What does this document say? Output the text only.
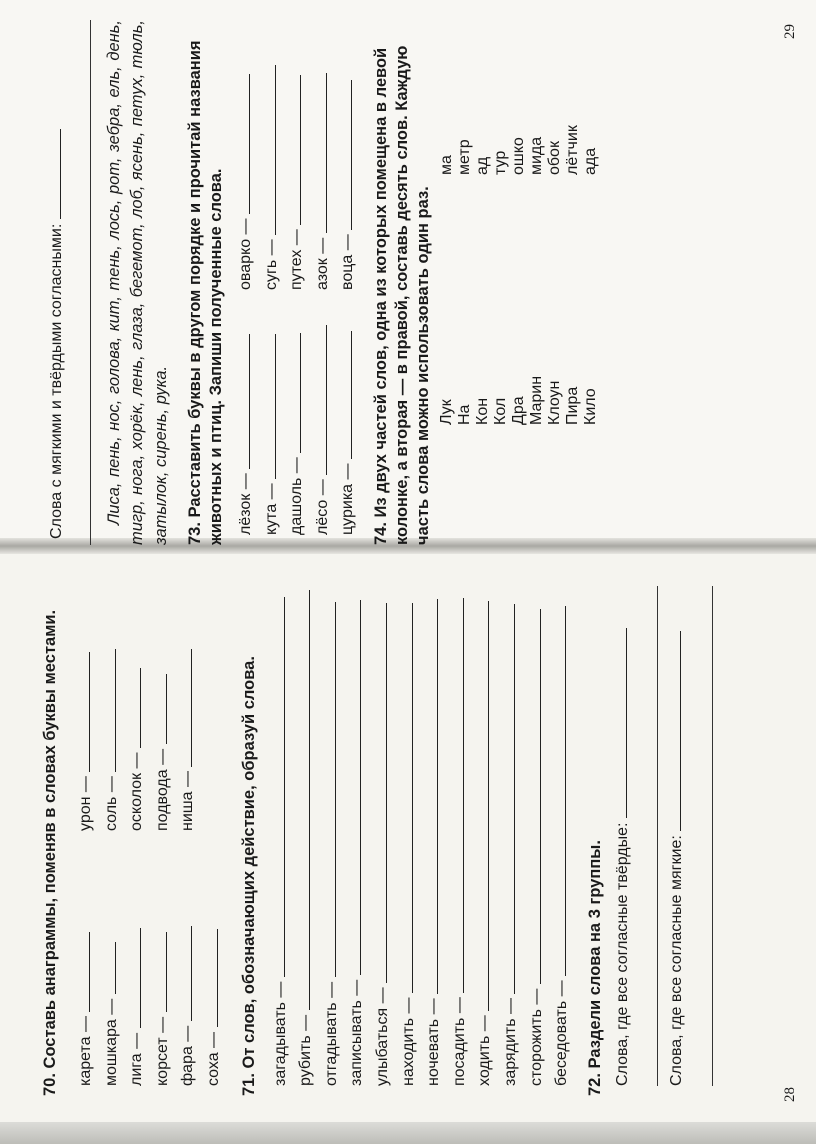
70. Составь анаграммы, поменяв в словах буквы местами. карета — мошкара — лига — корсет — фара — соха —
урон — соль — осколок — подвода — ниша —
71. От слов, обозначающих действие, образуй слова. загадывать — рубить — отгадывать — записывать — улыбаться — находить — ночевать — посадить — ходить — зарядить — сторожить — беседовать — 72. Раздели слова на 3 группы. Слова, где все согласные твёрдые: Слова, где все согласные мягкие:
28
Слова с мягкими и твёрдыми согласными: Лиса, пень, нос, голова, кит, тень, лось, рот, зебра, ель, день, тигр, нога, хорёк, лень, глаза, бегемот, лоб, ясень, петух, тюль, затылок, сирень, рука. 73. Расставить буквы в другом порядке и прочитай названия животных и птиц. Запиши полученные слова. лёзок — кута — дашоль — лёсо — цурика —
оварко — сугь — путех — азок — воца —
74. Из двух частей слов, одна из которых помещена в левой колонке, а вторая — в правой, составь десять слов. Каждую часть слова можно использовать один раз. Лук На Кон Кол Дра Марин Клоун Пира Кило
ма метр ад тур ошко мида обок лётчик ада
29
